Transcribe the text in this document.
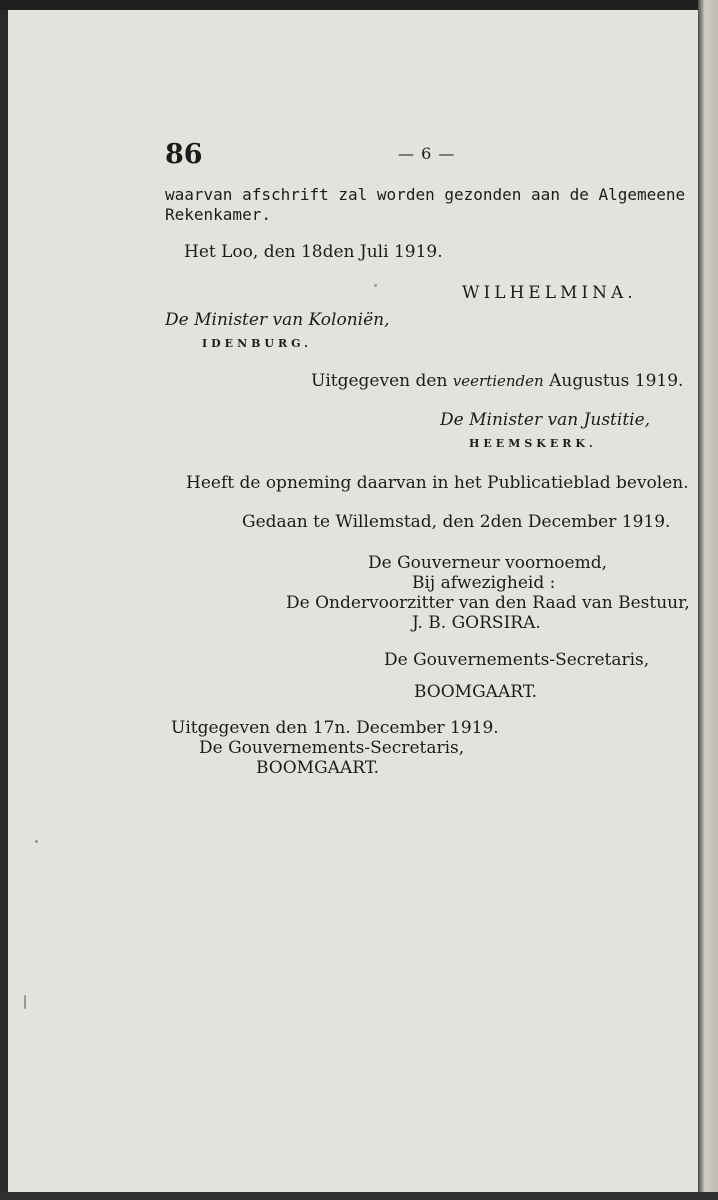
86	— 6 —
waarvan afschrift zal worden gezonden aan de Algemeene
Rekenkamer.
Het Loo, den 18den Juli 1919.
WILHELMINA.
De Minister van Koloniën,
IDENBURG.
Uitgegeven den veertienden Augustus 1919.
De Minister van Justitie,
HEEMSKERK.
Heeft de opneming daarvan in het Publicatieblad bevolen.
Gedaan te Willemstad, den 2den December 1919.
De Gouverneur voornoemd,
Bij afwezigheid :
De Ondervoorzitter van den Raad van Bestuur,
J. B. GORSIRA.
De Gouvernements-Secretaris,
BOOMGAART.
Uitgegeven den 17n. December 1919.
De Gouvernements-Secretaris,
BOOMGAART.
